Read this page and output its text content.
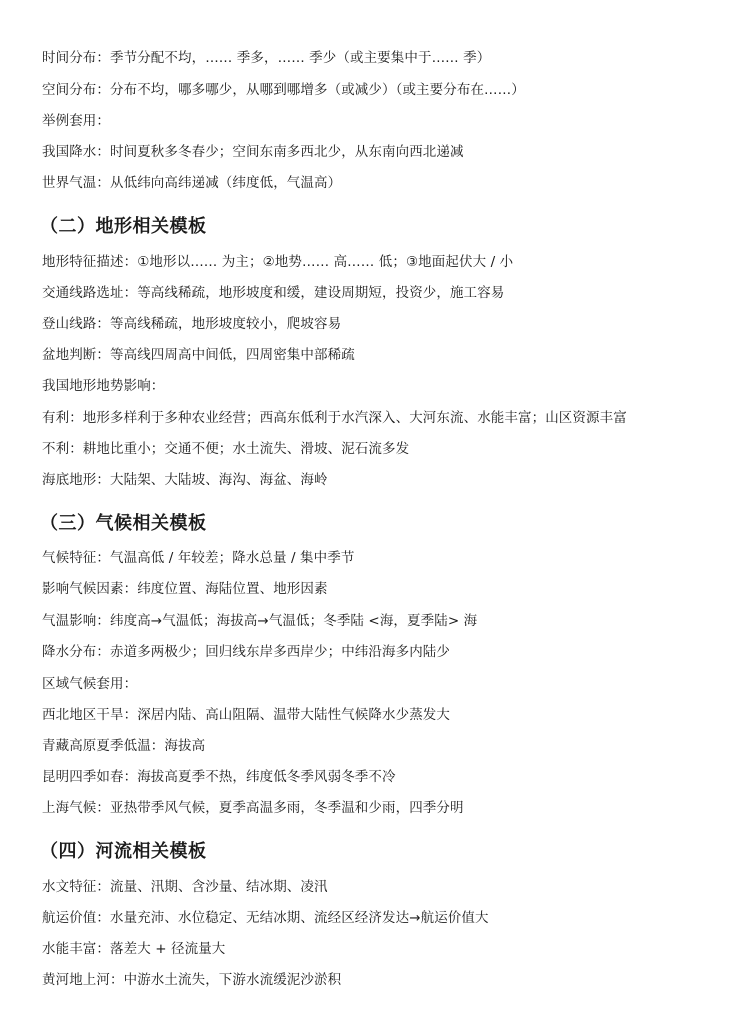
时间分布：季节分配不均，…… 季多，…… 季少（或主要集中于…… 季）
空间分布：分布不均，哪多哪少，从哪到哪增多（或减少）（或主要分布在……）
举例套用：
我国降水：时间夏秋多冬春少；空间东南多西北少，从东南向西北递减
世界气温：从低纬向高纬递减（纬度低，气温高）
（二）地形相关模板
地形特征描述：①地形以…… 为主；②地势…… 高…… 低；③地面起伏大 / 小
交通线路选址：等高线稀疏，地形坡度和缓，建设周期短，投资少，施工容易
登山线路：等高线稀疏，地形坡度较小，爬坡容易
盆地判断：等高线四周高中间低，四周密集中部稀疏
我国地形地势影响：
有利：地形多样利于多种农业经营；西高东低利于水汽深入、大河东流、水能丰富；山区资源丰富
不利：耕地比重小；交通不便；水土流失、滑坡、泥石流多发
海底地形：大陆架、大陆坡、海沟、海盆、海岭
（三）气候相关模板
气候特征：气温高低 / 年较差；降水总量 / 集中季节
影响气候因素：纬度位置、海陆位置、地形因素
气温影响：纬度高→气温低；海拔高→气温低；冬季陆 <海，夏季陆> 海
降水分布：赤道多两极少；回归线东岸多西岸少；中纬沿海多内陆少
区域气候套用：
西北地区干旱：深居内陆、高山阻隔、温带大陆性气候降水少蒸发大
青藏高原夏季低温：海拔高
昆明四季如春：海拔高夏季不热，纬度低冬季风弱冬季不冷
上海气候：亚热带季风气候，夏季高温多雨，冬季温和少雨，四季分明
（四）河流相关模板
水文特征：流量、汛期、含沙量、结冰期、凌汛
航运价值：水量充沛、水位稳定、无结冰期、流经区经济发达→航运价值大
水能丰富：落差大 + 径流量大
黄河地上河：中游水土流失，下游水流缓泥沙淤积
